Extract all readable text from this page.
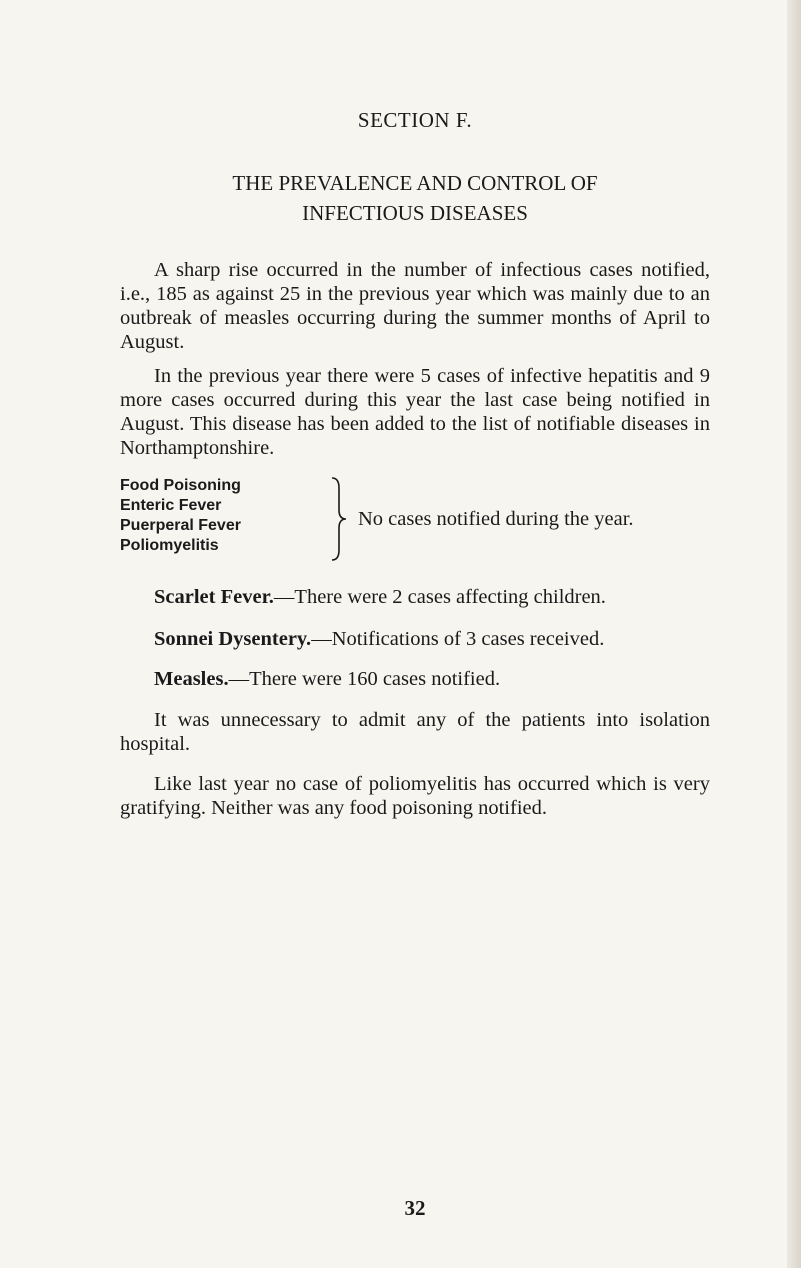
SECTION F.
THE PREVALENCE AND CONTROL OF
INFECTIOUS DISEASES

A sharp rise occurred in the number of infectious cases notified, i.e., 185 as against 25 in the previous year which was mainly due to an outbreak of measles occurring during the summer months of April to August.

In the previous year there were 5 cases of infective hepatitis and 9 more cases occurred during this year the last case being notified in August. This disease has been added to the list of notifiable diseases in Northamptonshire.

Food Poisoning
Enteric Fever
Puerperal Fever
Poliomyelitis
No cases notified during the year.
Scarlet Fever.—There were 2 cases affecting children.
Sonnei Dysentery.—Notifications of 3 cases received.
Measles.—There were 160 cases notified.

It was unnecessary to admit any of the patients into isolation hospital.

Like last year no case of poliomyelitis has occurred which is very gratifying. Neither was any food poisoning notified.

32
